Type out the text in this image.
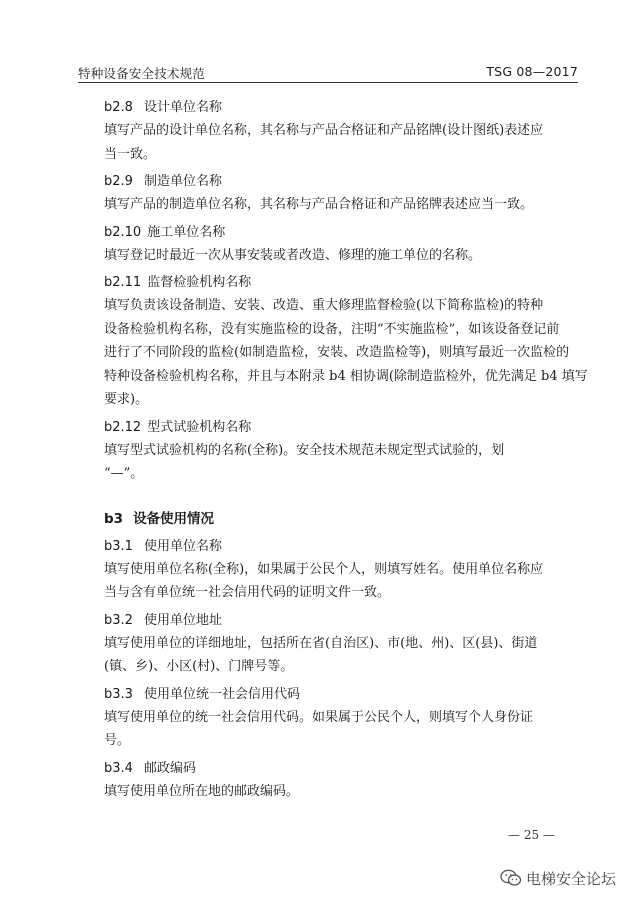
特种设备安全技术规范	TSG 08—2017
b2.8 设计单位名称
填写产品的设计单位名称，其名称与产品合格证和产品铭牌(设计图纸)表述应
当一致。
b2.9 制造单位名称
填写产品的制造单位名称，其名称与产品合格证和产品铭牌表述应当一致。
b2.10 施工单位名称
填写登记时最近一次从事安装或者改造、修理的施工单位的名称。
b2.11 监督检验机构名称
填写负责该设备制造、安装、改造、重大修理监督检验(以下简称监检)的特种
设备检验机构名称，没有实施监检的设备，注明“不实施监检”，如该设备登记前
进行了不同阶段的监检(如制造监检，安装、改造监检等)，则填写最近一次监检的
特种设备检验机构名称，并且与本附录 b4 相协调(除制造监检外，优先满足 b4 填写
要求)。
b2.12 型式试验机构名称
填写型式试验机构的名称(全称)。安全技术规范未规定型式试验的，划
“—”。
b3 设备使用情况
b3.1 使用单位名称
填写使用单位名称(全称)，如果属于公民个人，则填写姓名。使用单位名称应
当与含有单位统一社会信用代码的证明文件一致。
b3.2 使用单位地址
填写使用单位的详细地址，包括所在省(自治区)、市(地、州)、区(县)、街道
(镇、乡)、小区(村)、门牌号等。
b3.3 使用单位统一社会信用代码
填写使用单位的统一社会信用代码。如果属于公民个人，则填写个人身份证
号。
b3.4 邮政编码
填写使用单位所在地的邮政编码。
— 25 —
电梯安全论坛
